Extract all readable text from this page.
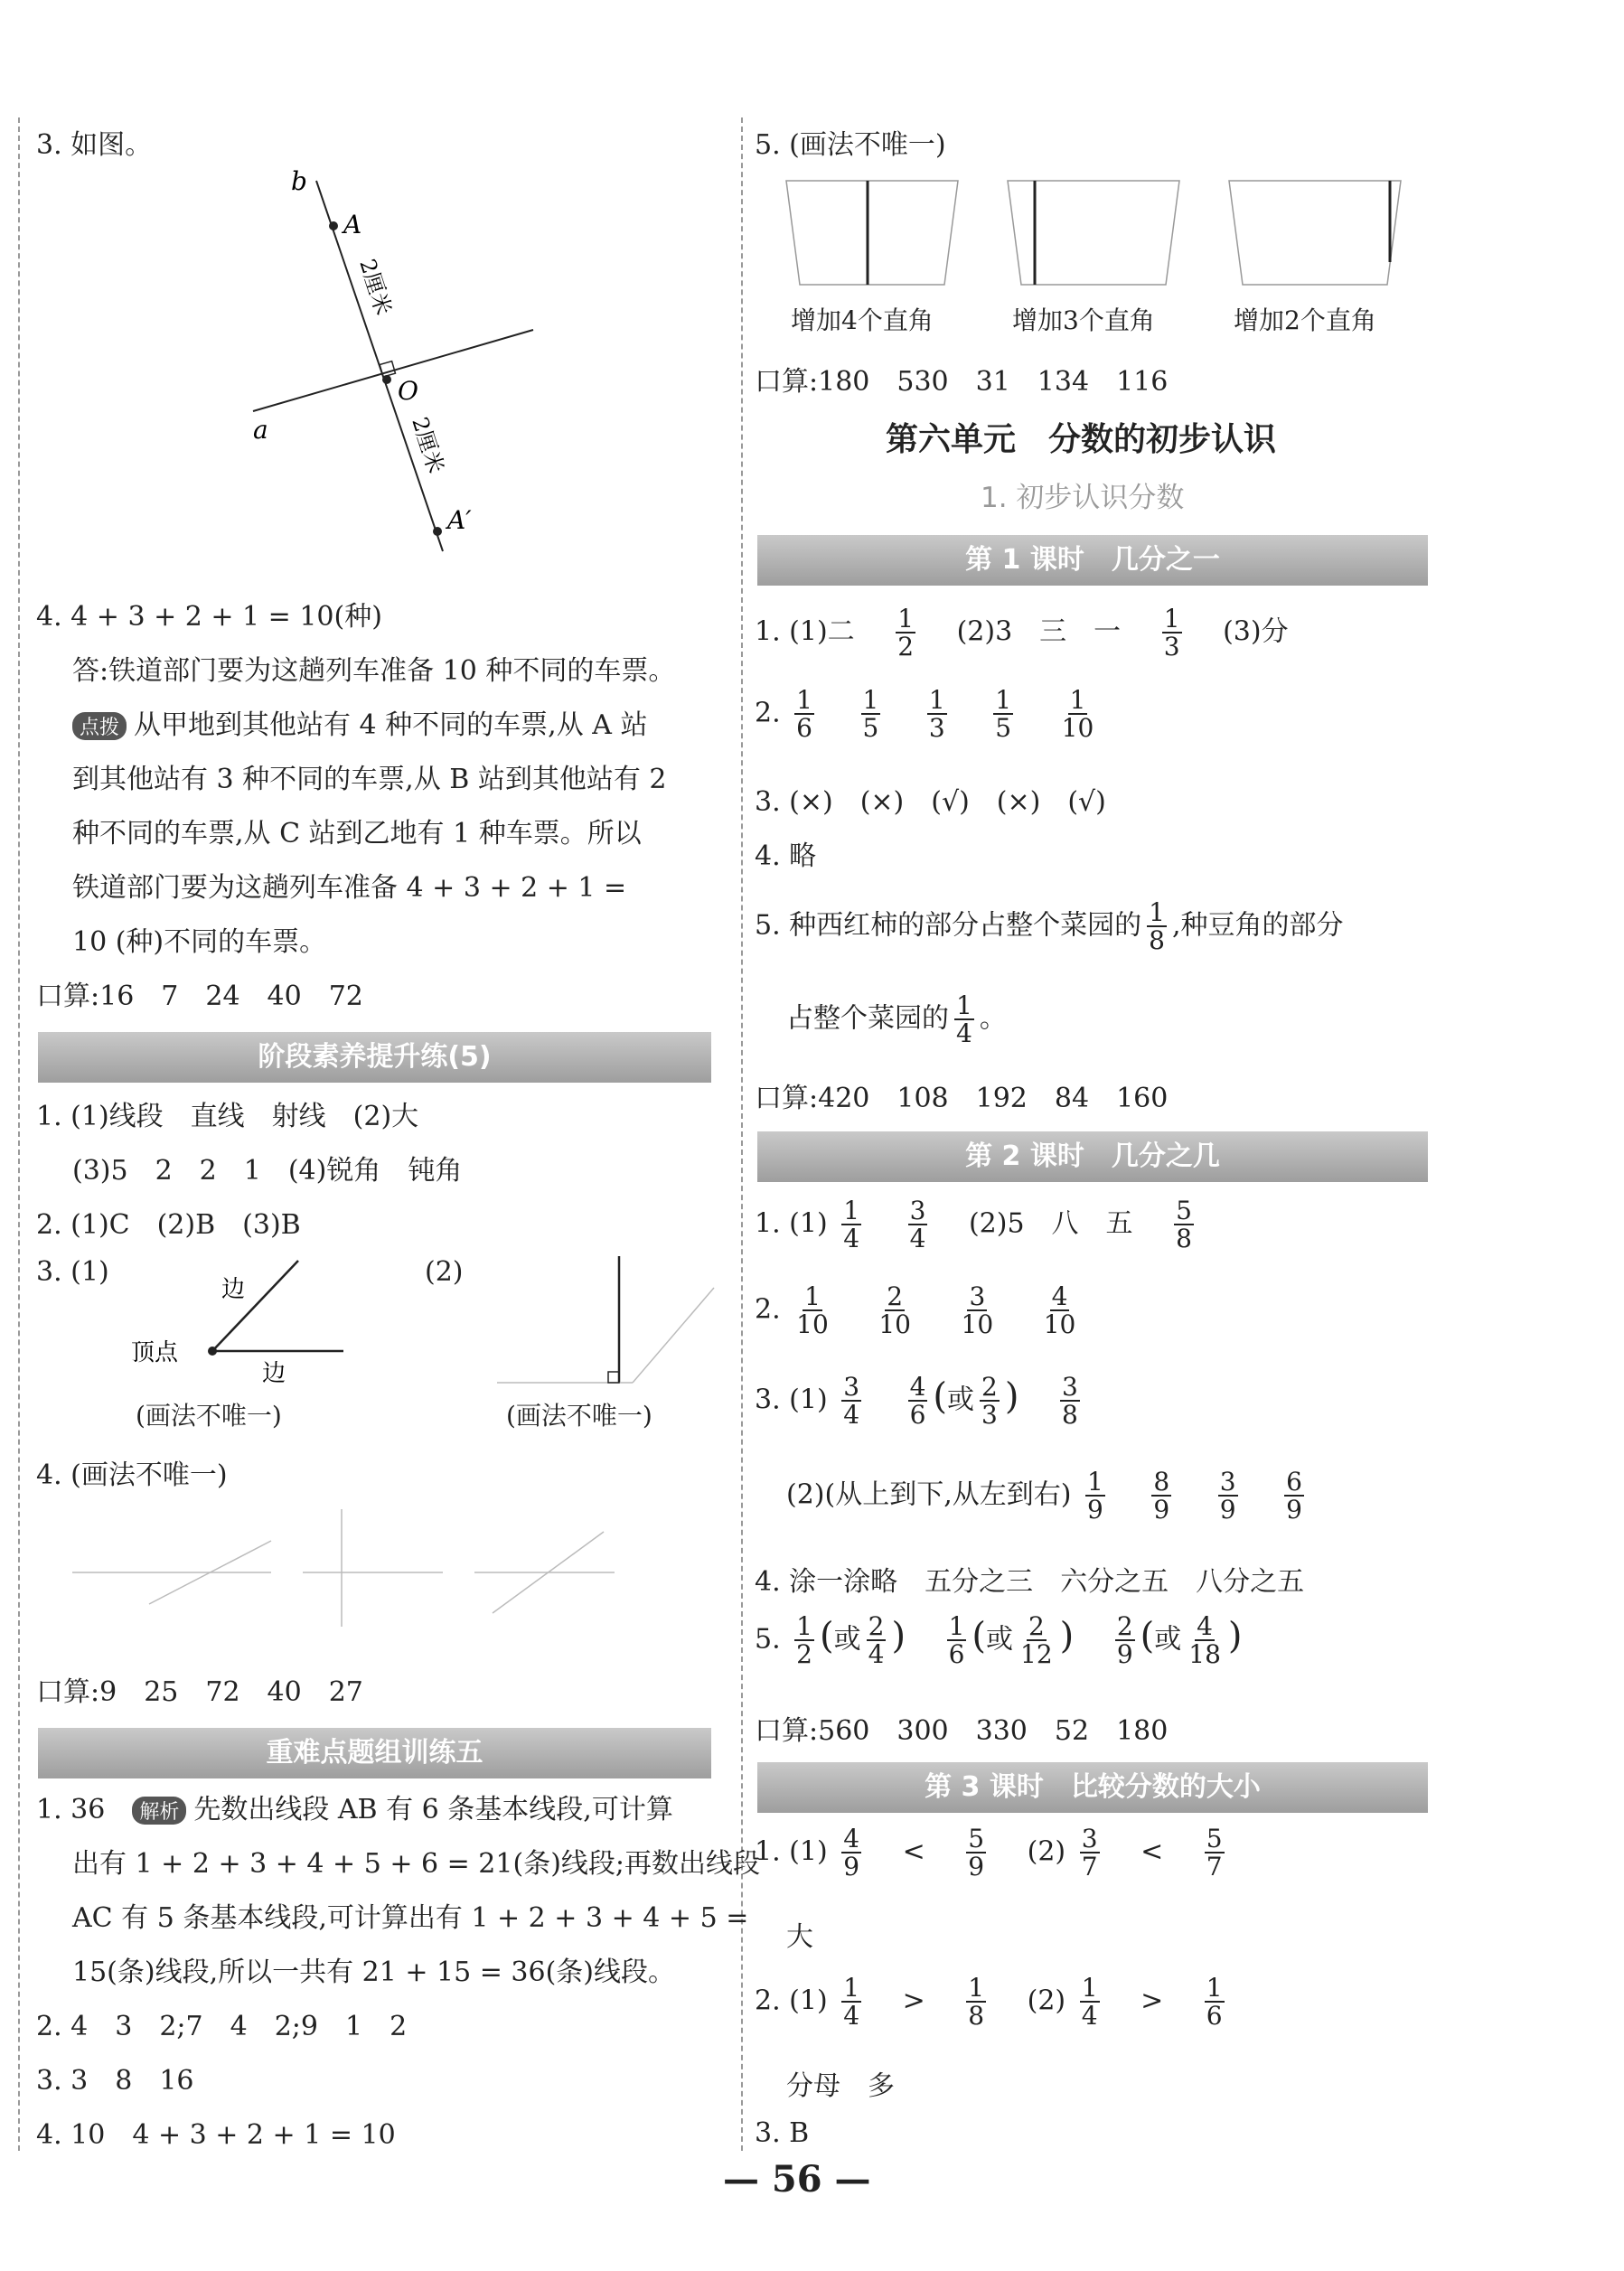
3. 如图。
b
A
O
a
A′
2厘米
2厘米
4. 4 + 3 + 2 + 1 = 10(种)
答:铁道部门要为这趟列车准备 10 种不同的车票。
点拨 从甲地到其他站有 4 种不同的车票,从 A 站
到其他站有 3 种不同的车票,从 B 站到其他站有 2
种不同的车票,从 C 站到乙地有 1 种车票。所以
铁道部门要为这趟列车准备 4 + 3 + 2 + 1 =
10 (种)不同的车票。
口算:16　7　24　40　72
阶段素养提升练(5)
1. (1)线段　直线　射线　(2)大
(3)5　2　2　1　(4)锐角　钝角
2. (1)C　(2)B　(3)B
3. (1)	(2)
边
顶点
边
(画法不唯一)	(画法不唯一)
4. (画法不唯一)
口算:9　25　72　40　27
重难点题组训练五
1. 36 解析 先数出线段 AB 有 6 条基本线段,可计算
出有 1 + 2 + 3 + 4 + 5 + 6 = 21(条)线段;再数出线段
AC 有 5 条基本线段,可计算出有 1 + 2 + 3 + 4 + 5 =
15(条)线段,所以一共有 21 + 15 = 36(条)线段。
2. 4　3　2;7　4　2;9　1　2
3. 3　8　16
4. 10　4 + 3 + 2 + 1 = 10
5. (画法不唯一)
增加4个直角	增加3个直角	增加2个直角
口算:180　530　31　134　116
第六单元　分数的初步认识
1. 初步认识分数
第 1 课时　几分之一
1. (1)二 $\frac{1}{2} (2)3$　三　一 $\frac{1}{3} (3)$分
2. $\frac{1}{6}$
$\frac{1}{5}$
$\frac{1}{3}$
$\frac{1}{5}$
$\frac{1}{10}$
3. (×)　(×)　(√)　(×)　(√)
4. 略
5. 种西红柿的部分占整个菜园的 $\frac{1}{8}$ ,种豆角的部分
占整个菜园的 $\frac{1}{4}$ 。
口算:420　108　192　84　160
第 2 课时　几分之几
1. $(1) \frac{1}{4}$
$\frac{3}{4} (2)5$　八　五 $\frac{5}{8}$
2. $\frac{1}{10}$
$\frac{2}{10}$
$\frac{3}{10}$
$\frac{4}{10}$
3. $(1) \frac{3}{4}$
$\frac{4}{6}$ (或 $\frac{2}{3}$ ) $\frac{3}{8}$
(2)(从上到下,从左到右) $\frac{1}{9}$
$\frac{8}{9}$
$\frac{3}{9}$
$\frac{6}{9}$
4. 涂一涂略　五分之三　六分之五　八分之五
5. $\frac{1}{2}$ (或 $\frac{2}{4}$ ) $\frac{1}{6}$ (或 $\frac{2}{12}$ ) $\frac{2}{9}$ (或 $\frac{4}{18}$ )
口算:560　300　330　52　180
第 3 课时　比较分数的大小
1. $(1) \frac{4}{9} < \frac{5}{9} (2) \frac{3}{7} < \frac{5}{7}$
大
2. $(1) \frac{1}{4} > \frac{1}{8} (2) \frac{1}{4} > \frac{1}{6}$
分母　多
3. B
— 56 —
